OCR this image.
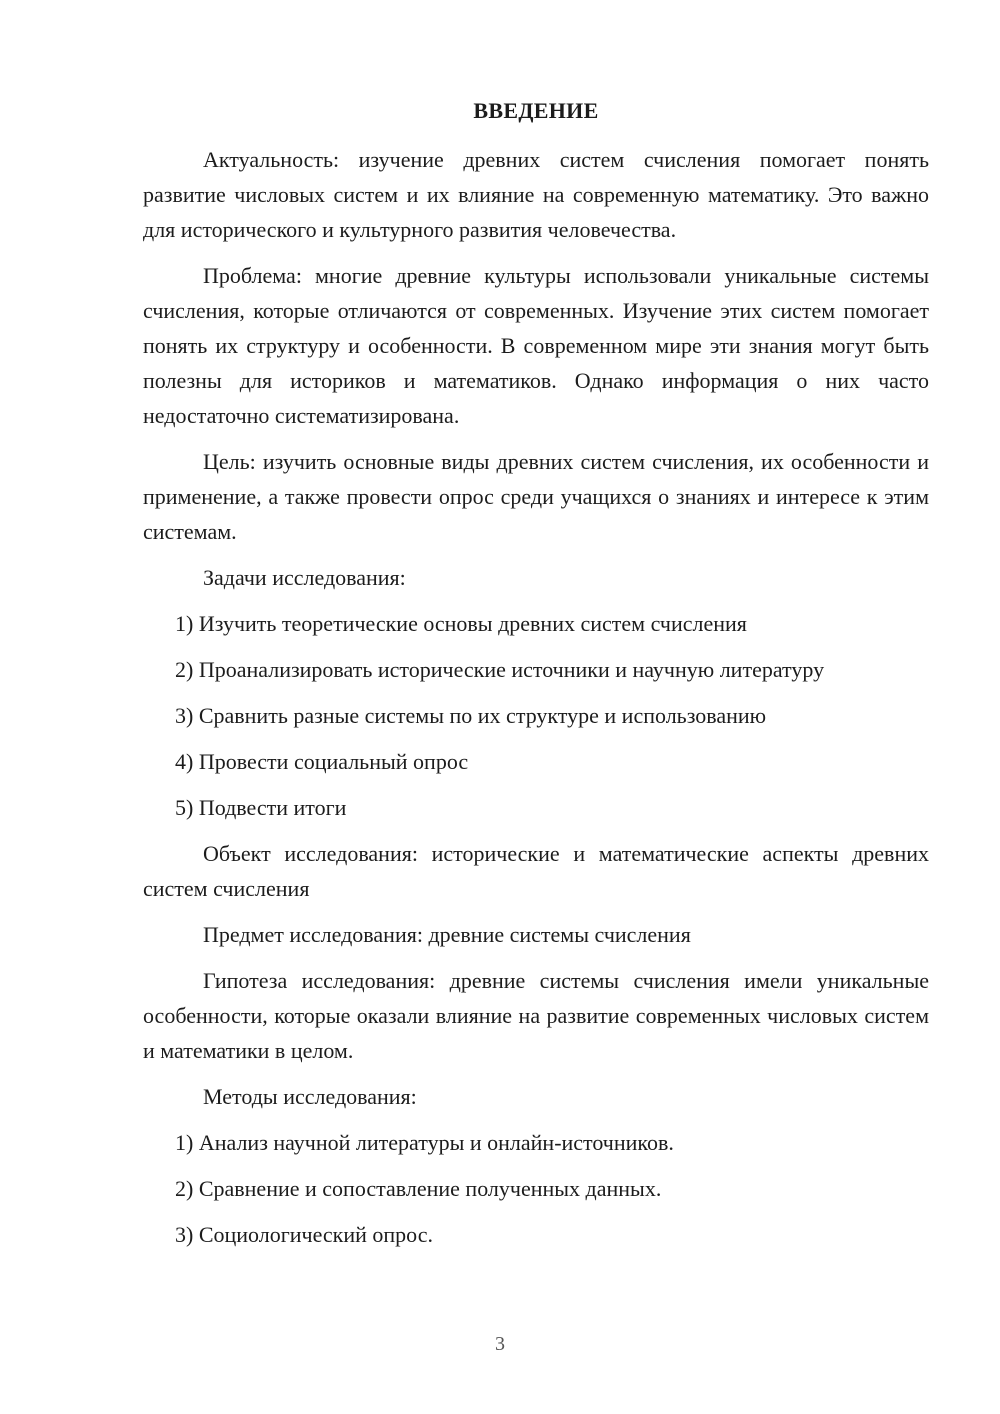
ВВЕДЕНИЕ

Актуальность: изучение древних систем счисления помогает понять развитие числовых систем и их влияние на современную математику. Это важно для исторического и культурного развития человечества.

Проблема: многие древние культуры использовали уникальные системы счисления, которые отличаются от современных. Изучение этих систем помогает понять их структуру и особенности. В современном мире эти знания могут быть полезны для историков и математиков. Однако информация о них часто недостаточно систематизирована.

Цель: изучить основные виды древних систем счисления, их особенности и применение, а также провести опрос среди учащихся о знаниях и интересе к этим системам.

Задачи исследования:
1) Изучить теоретические основы древних систем счисления
2) Проанализировать исторические источники и научную литературу
3) Сравнить разные системы по их структуре и использованию
4) Провести социальный опрос
5) Подвести итоги

Объект исследования: исторические и математические аспекты древних систем счисления

Предмет исследования: древние системы счисления

Гипотеза исследования: древние системы счисления имели уникальные особенности, которые оказали влияние на развитие современных числовых систем и математики в целом.

Методы исследования:
1) Анализ научной литературы и онлайн-источников.
2) Сравнение и сопоставление полученных данных.
3) Социологический опрос.
3
